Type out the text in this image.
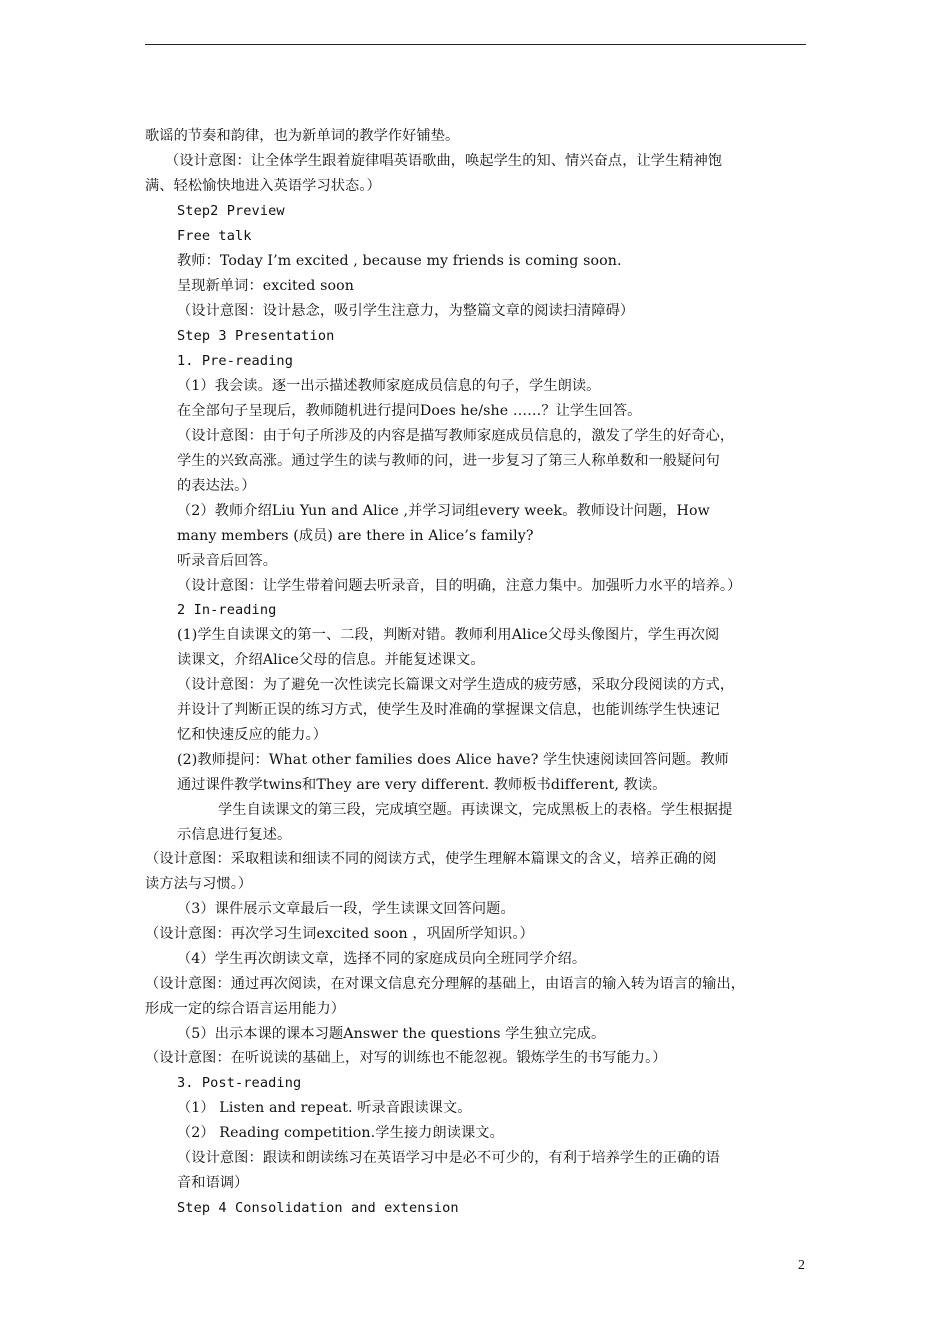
歌谣的节奏和韵律，也为新单词的教学作好铺垫。
（设计意图：让全体学生跟着旋律唱英语歌曲，唤起学生的知、情兴奋点，让学生精神饱
满、轻松愉快地进入英语学习状态。）
Step2 Preview
Free talk
教师：Today I’m excited , because my friends is coming soon.
呈现新单词：excited soon
（设计意图：设计悬念，吸引学生注意力，为整篇文章的阅读扫清障碍）
Step 3 Presentation
1. Pre-reading
（1）我会读。逐一出示描述教师家庭成员信息的句子，学生朗读。
在全部句子呈现后，教师随机进行提问Does he/she ……？让学生回答。
（设计意图：由于句子所涉及的内容是描写教师家庭成员信息的，激发了学生的好奇心，
学生的兴致高涨。通过学生的读与教师的问，进一步复习了第三人称单数和一般疑问句
的表达法。）
（2）教师介绍Liu Yun and Alice ,并学习词组every week。教师设计问题，How
many members (成员) are there in Alice’s family?
听录音后回答。
（设计意图：让学生带着问题去听录音，目的明确，注意力集中。加强听力水平的培养。）
2 In-reading
(1)学生自读课文的第一、二段，判断对错。教师利用Alice父母头像图片，学生再次阅
读课文，介绍Alice父母的信息。并能复述课文。
（设计意图：为了避免一次性读完长篇课文对学生造成的疲劳感，采取分段阅读的方式，
并设计了判断正误的练习方式，使学生及时准确的掌握课文信息，也能训练学生快速记
忆和快速反应的能力。）
(2)教师提问：What other families does Alice have? 学生快速阅读回答问题。教师
通过课件教学twins和They are very different. 教师板书different, 教读。
学生自读课文的第三段，完成填空题。再读课文，完成黑板上的表格。学生根据提
示信息进行复述。
（设计意图：采取粗读和细读不同的阅读方式，使学生理解本篇课文的含义，培养正确的阅
读方法与习惯。）
（3）课件展示文章最后一段，学生读课文回答问题。
（设计意图：再次学习生词excited soon ，巩固所学知识。）
（4）学生再次朗读文章，选择不同的家庭成员向全班同学介绍。
（设计意图：通过再次阅读，在对课文信息充分理解的基础上，由语言的输入转为语言的输出，
形成一定的综合语言运用能力）
（5）出示本课的课本习题Answer the questions 学生独立完成。
（设计意图：在听说读的基础上，对写的训练也不能忽视。锻炼学生的书写能力。）
3. Post-reading
（1） Listen and repeat. 听录音跟读课文。
（2） Reading competition.学生接力朗读课文。
（设计意图：跟读和朗读练习在英语学习中是必不可少的，有利于培养学生的正确的语
音和语调）
Step 4 Consolidation and extension
2
